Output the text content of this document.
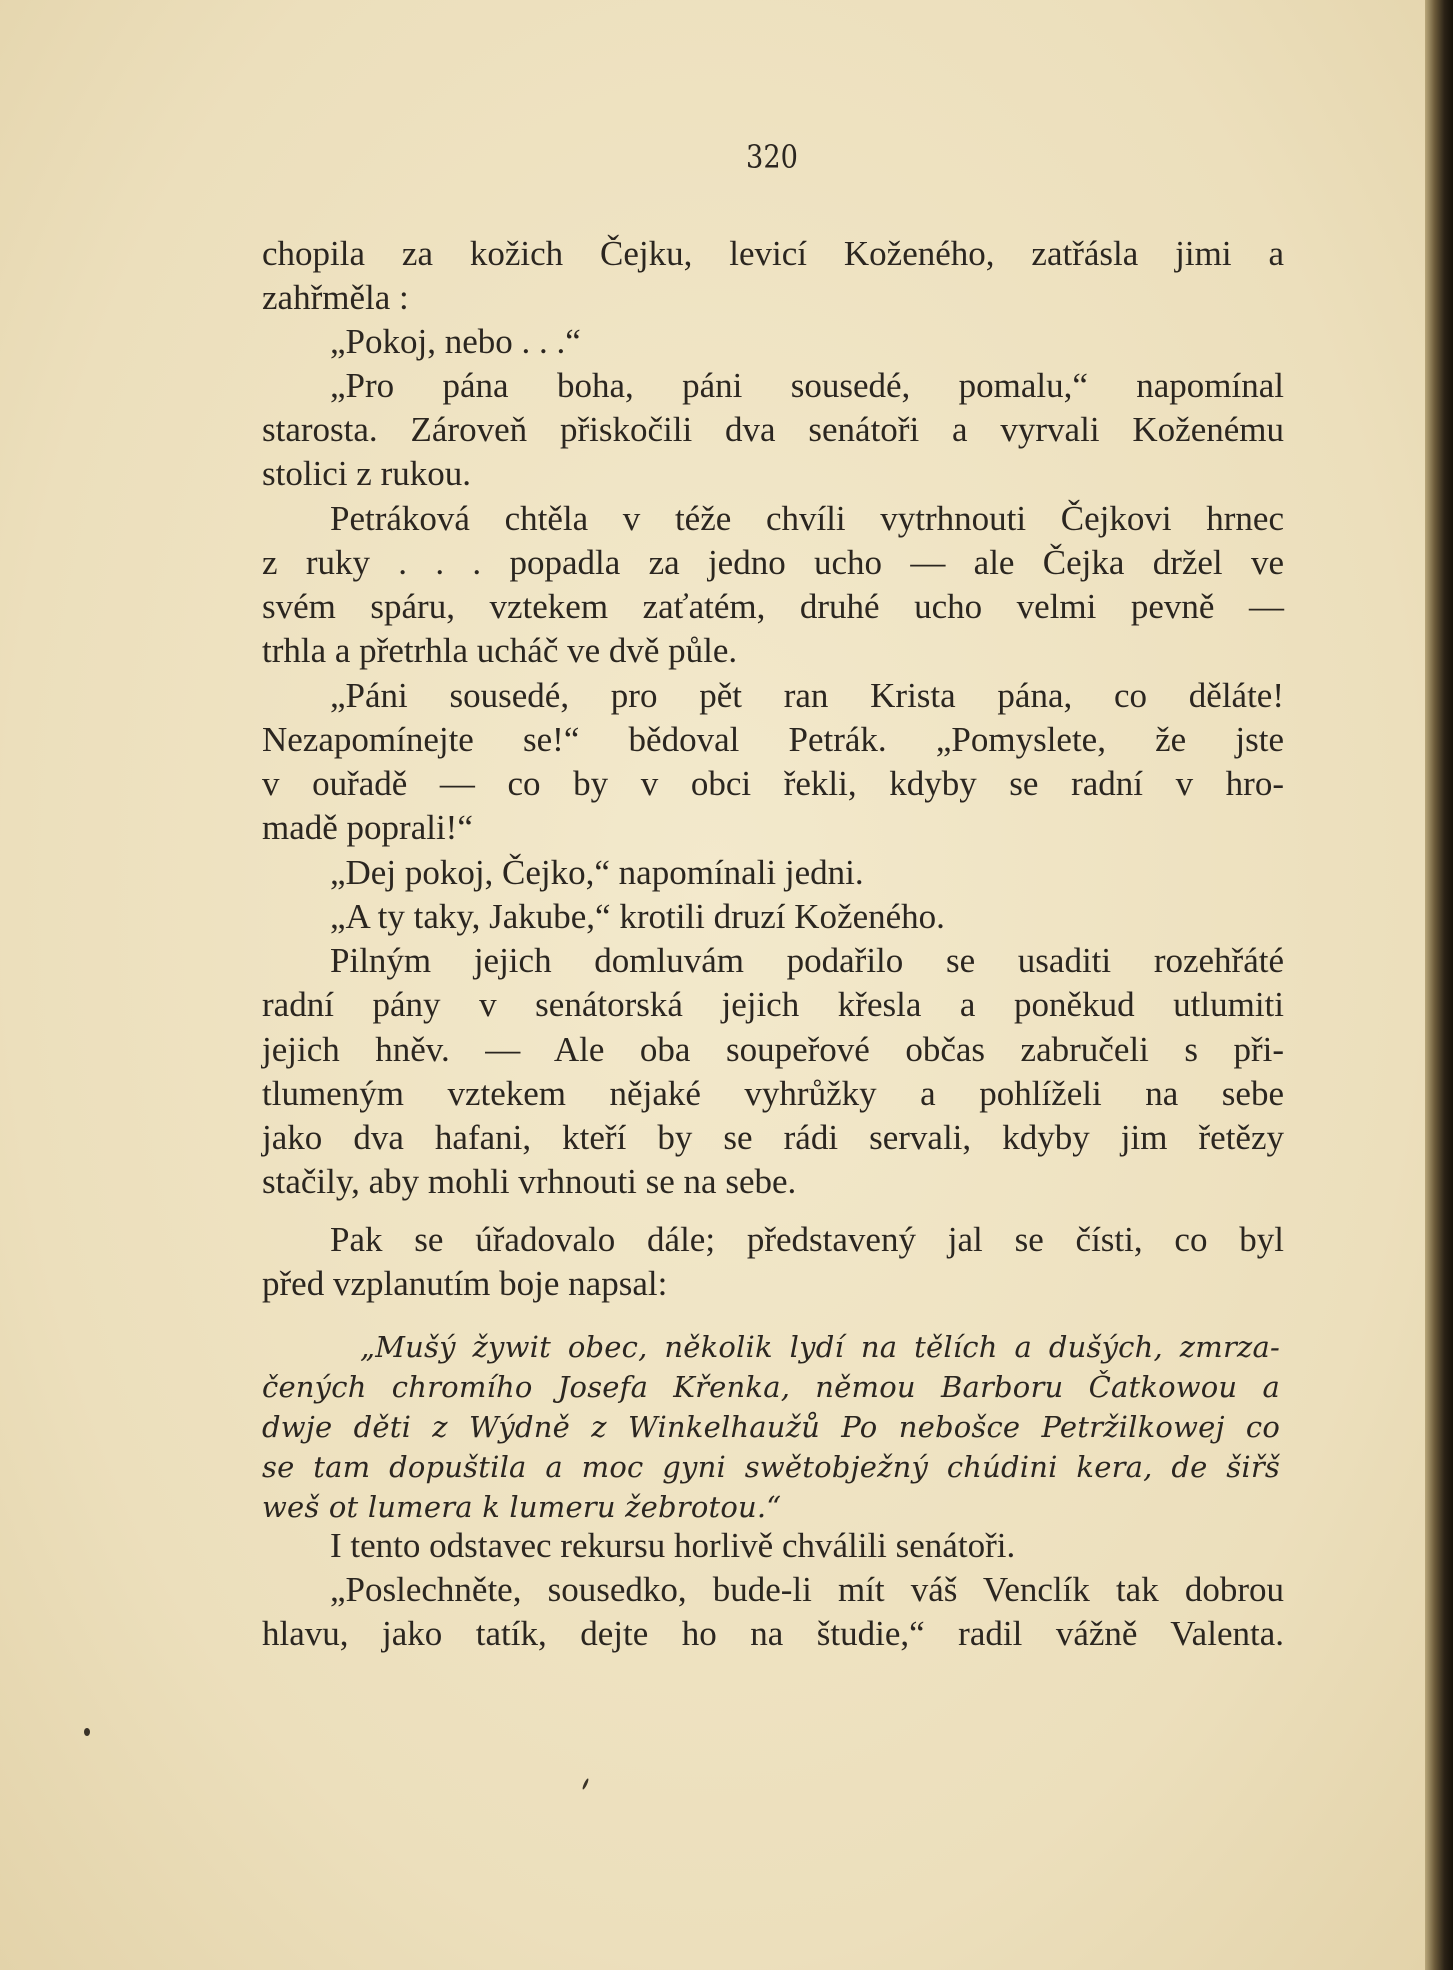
320
chopila za kožich Čejku, levicí Koženého, zatřásla jimi a
zahřměla :
„Pokoj, nebo . . .“
„Pro pána boha, páni sousedé, pomalu,“ napomínal
starosta. Zároveň přiskočili dva senátoři a vyrvali Koženému
stolici z rukou.
Petráková chtěla v téže chvíli vytrhnouti Čejkovi hrnec
z ruky . . . popadla za jedno ucho — ale Čejka držel ve
svém spáru, vztekem zaťatém, druhé ucho velmi pevně —
trhla a přetrhla ucháč ve dvě půle.
„Páni sousedé, pro pět ran Krista pána, co děláte!
Nezapomínejte se!“ bědoval Petrák. „Pomyslete, že jste
v ouřadě — co by v obci řekli, kdyby se radní v hro-
madě poprali!“
„Dej pokoj, Čejko,“ napomínali jedni.
„A ty taky, Jakube,“ krotili druzí Koženého.
Pilným jejich domluvám podařilo se usaditi rozehřáté
radní pány v senátorská jejich křesla a poněkud utlumiti
jejich hněv. — Ale oba soupeřové občas zabručeli s při-
tlumeným vztekem nějaké vyhrůžky a pohlíželi na sebe
jako dva hafani, kteří by se rádi servali, kdyby jim řetězy
stačily, aby mohli vrhnouti se na sebe.
Pak se úřadovalo dále; představený jal se čísti, co byl
před vzplanutím boje napsal:
„Mušý žywit obec, několik lydí na tělích a dušých, zmrza-
čených chromího Josefa Křenka, němou Barboru Čatkowou a
dwje děti z Wýdně z Winkelhaužů Po nebošce Petržilkowej co
se tam dopuštila a moc gyni swětobježný chúdini kera, de šiřš
weš ot lumera k lumeru žebrotou.“
I tento odstavec rekursu horlivě chválili senátoři.
„Poslechněte, sousedko, bude-li mít váš Venclík tak dobrou
hlavu, jako tatík, dejte ho na študie,“ radil vážně Valenta.
